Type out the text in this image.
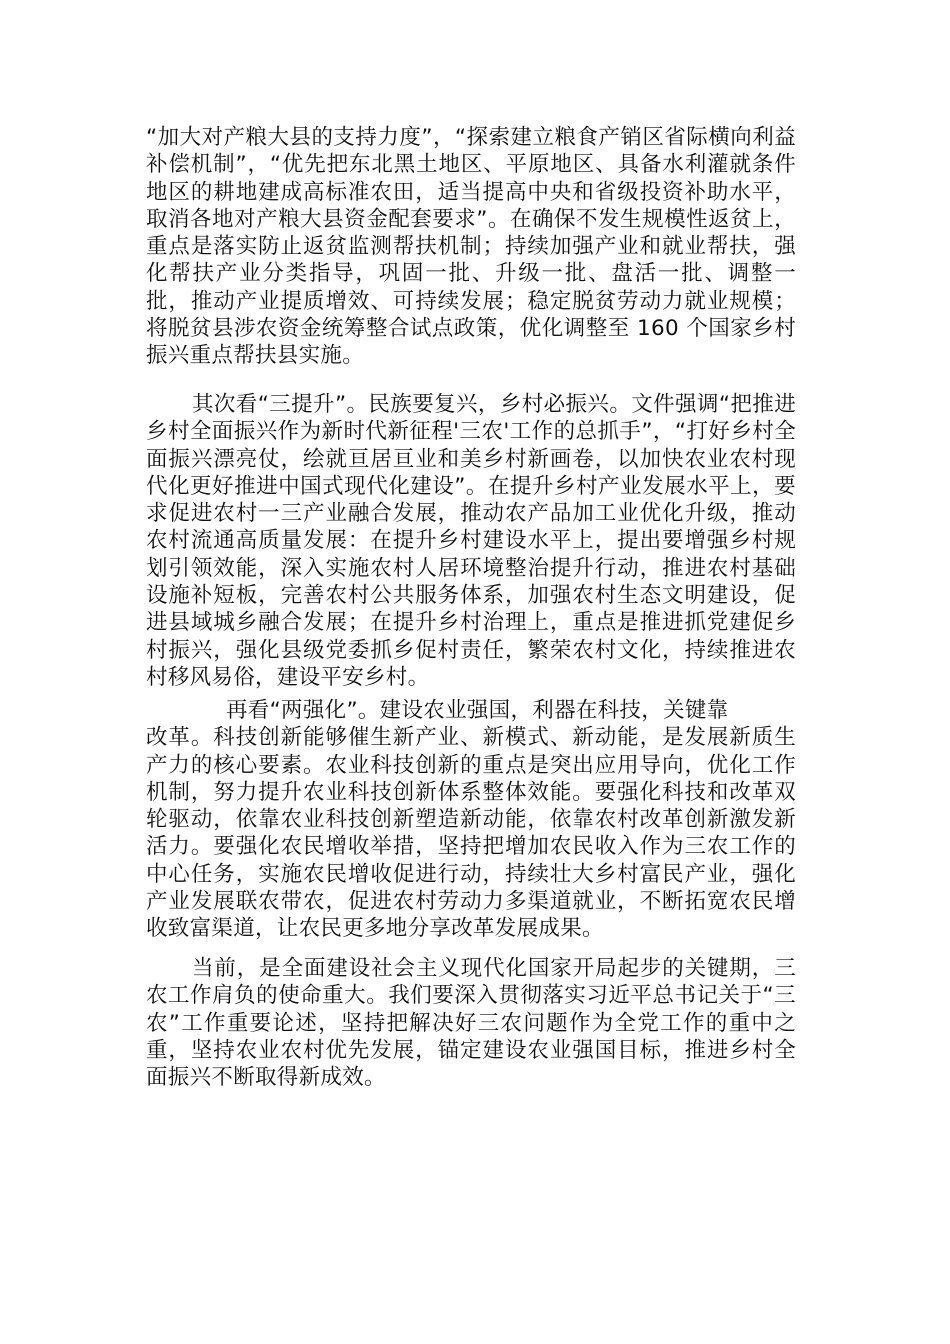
“加大对产粮大县的支持力度”，“探索建立粮食产销区省际横向利益补偿机制”，“优先把东北黑土地区、平原地区、具备水利灌就条件地区的耕地建成高标准农田，适当提高中央和省级投资补助水平，取消各地对产粮大县资金配套要求”。在确保不发生规模性返贫上，重点是落实防止返贫监测帮扶机制；持续加强产业和就业帮扶，强化帮扶产业分类指导，巩固一批、升级一批、盘活一批、调整一批，推动产业提质增效、可持续发展；稳定脱贫劳动力就业规模；将脱贫县涉农资金统筹整合试点政策，优化调整至 160 个国家乡村振兴重点帮扶县实施。
其次看“三提升”。民族要复兴，乡村必振兴。文件强调“把推进乡村全面振兴作为新时代新征程'三农'工作的总抓手”，“打好乡村全面振兴漂亮仗，绘就亘居亘业和美乡村新画卷，以加快农业农村现代化更好推进中国式现代化建设”。在提升乡村产业发展水平上，要求促进农村一三产业融合发展，推动农产品加工业优化升级，推动农村流通高质量发展：在提升乡村建设水平上，提出要增强乡村规划引领效能，深入实施农村人居环境整治提升行动，推进农村基础设施补短板，完善农村公共服务体系，加强农村生态文明建设，促进县域城乡融合发展；在提升乡村治理上，重点是推进抓党建促乡村振兴，强化县级党委抓乡促村责任，繁荣农村文化，持续推进农村移风易俗，建设平安乡村。
再看“两强化”。建设农业强国，利器在科技，关键靠
改革。科技创新能够催生新产业、新模式、新动能，是发展新质生产力的核心要素。农业科技创新的重点是突出应用导向，优化工作机制，努力提升农业科技创新体系整体效能。要强化科技和改革双轮驱动，依靠农业科技创新塑造新动能，依靠农村改革创新激发新活力。要强化农民增收举措，坚持把增加农民收入作为三农工作的中心任务，实施农民增收促进行动，持续壮大乡村富民产业，强化产业发展联农带农，促进农村劳动力多渠道就业，不断拓宽农民增收致富渠道，让农民更多地分享改革发展成果。
当前，是全面建设社会主义现代化国家开局起步的关键期，三农工作肩负的使命重大。我们要深入贯彻落实习近平总书记关于“三农”工作重要论述，坚持把解决好三农问题作为全党工作的重中之重，坚持农业农村优先发展，锚定建设农业强国目标，推进乡村全面振兴不断取得新成效。
